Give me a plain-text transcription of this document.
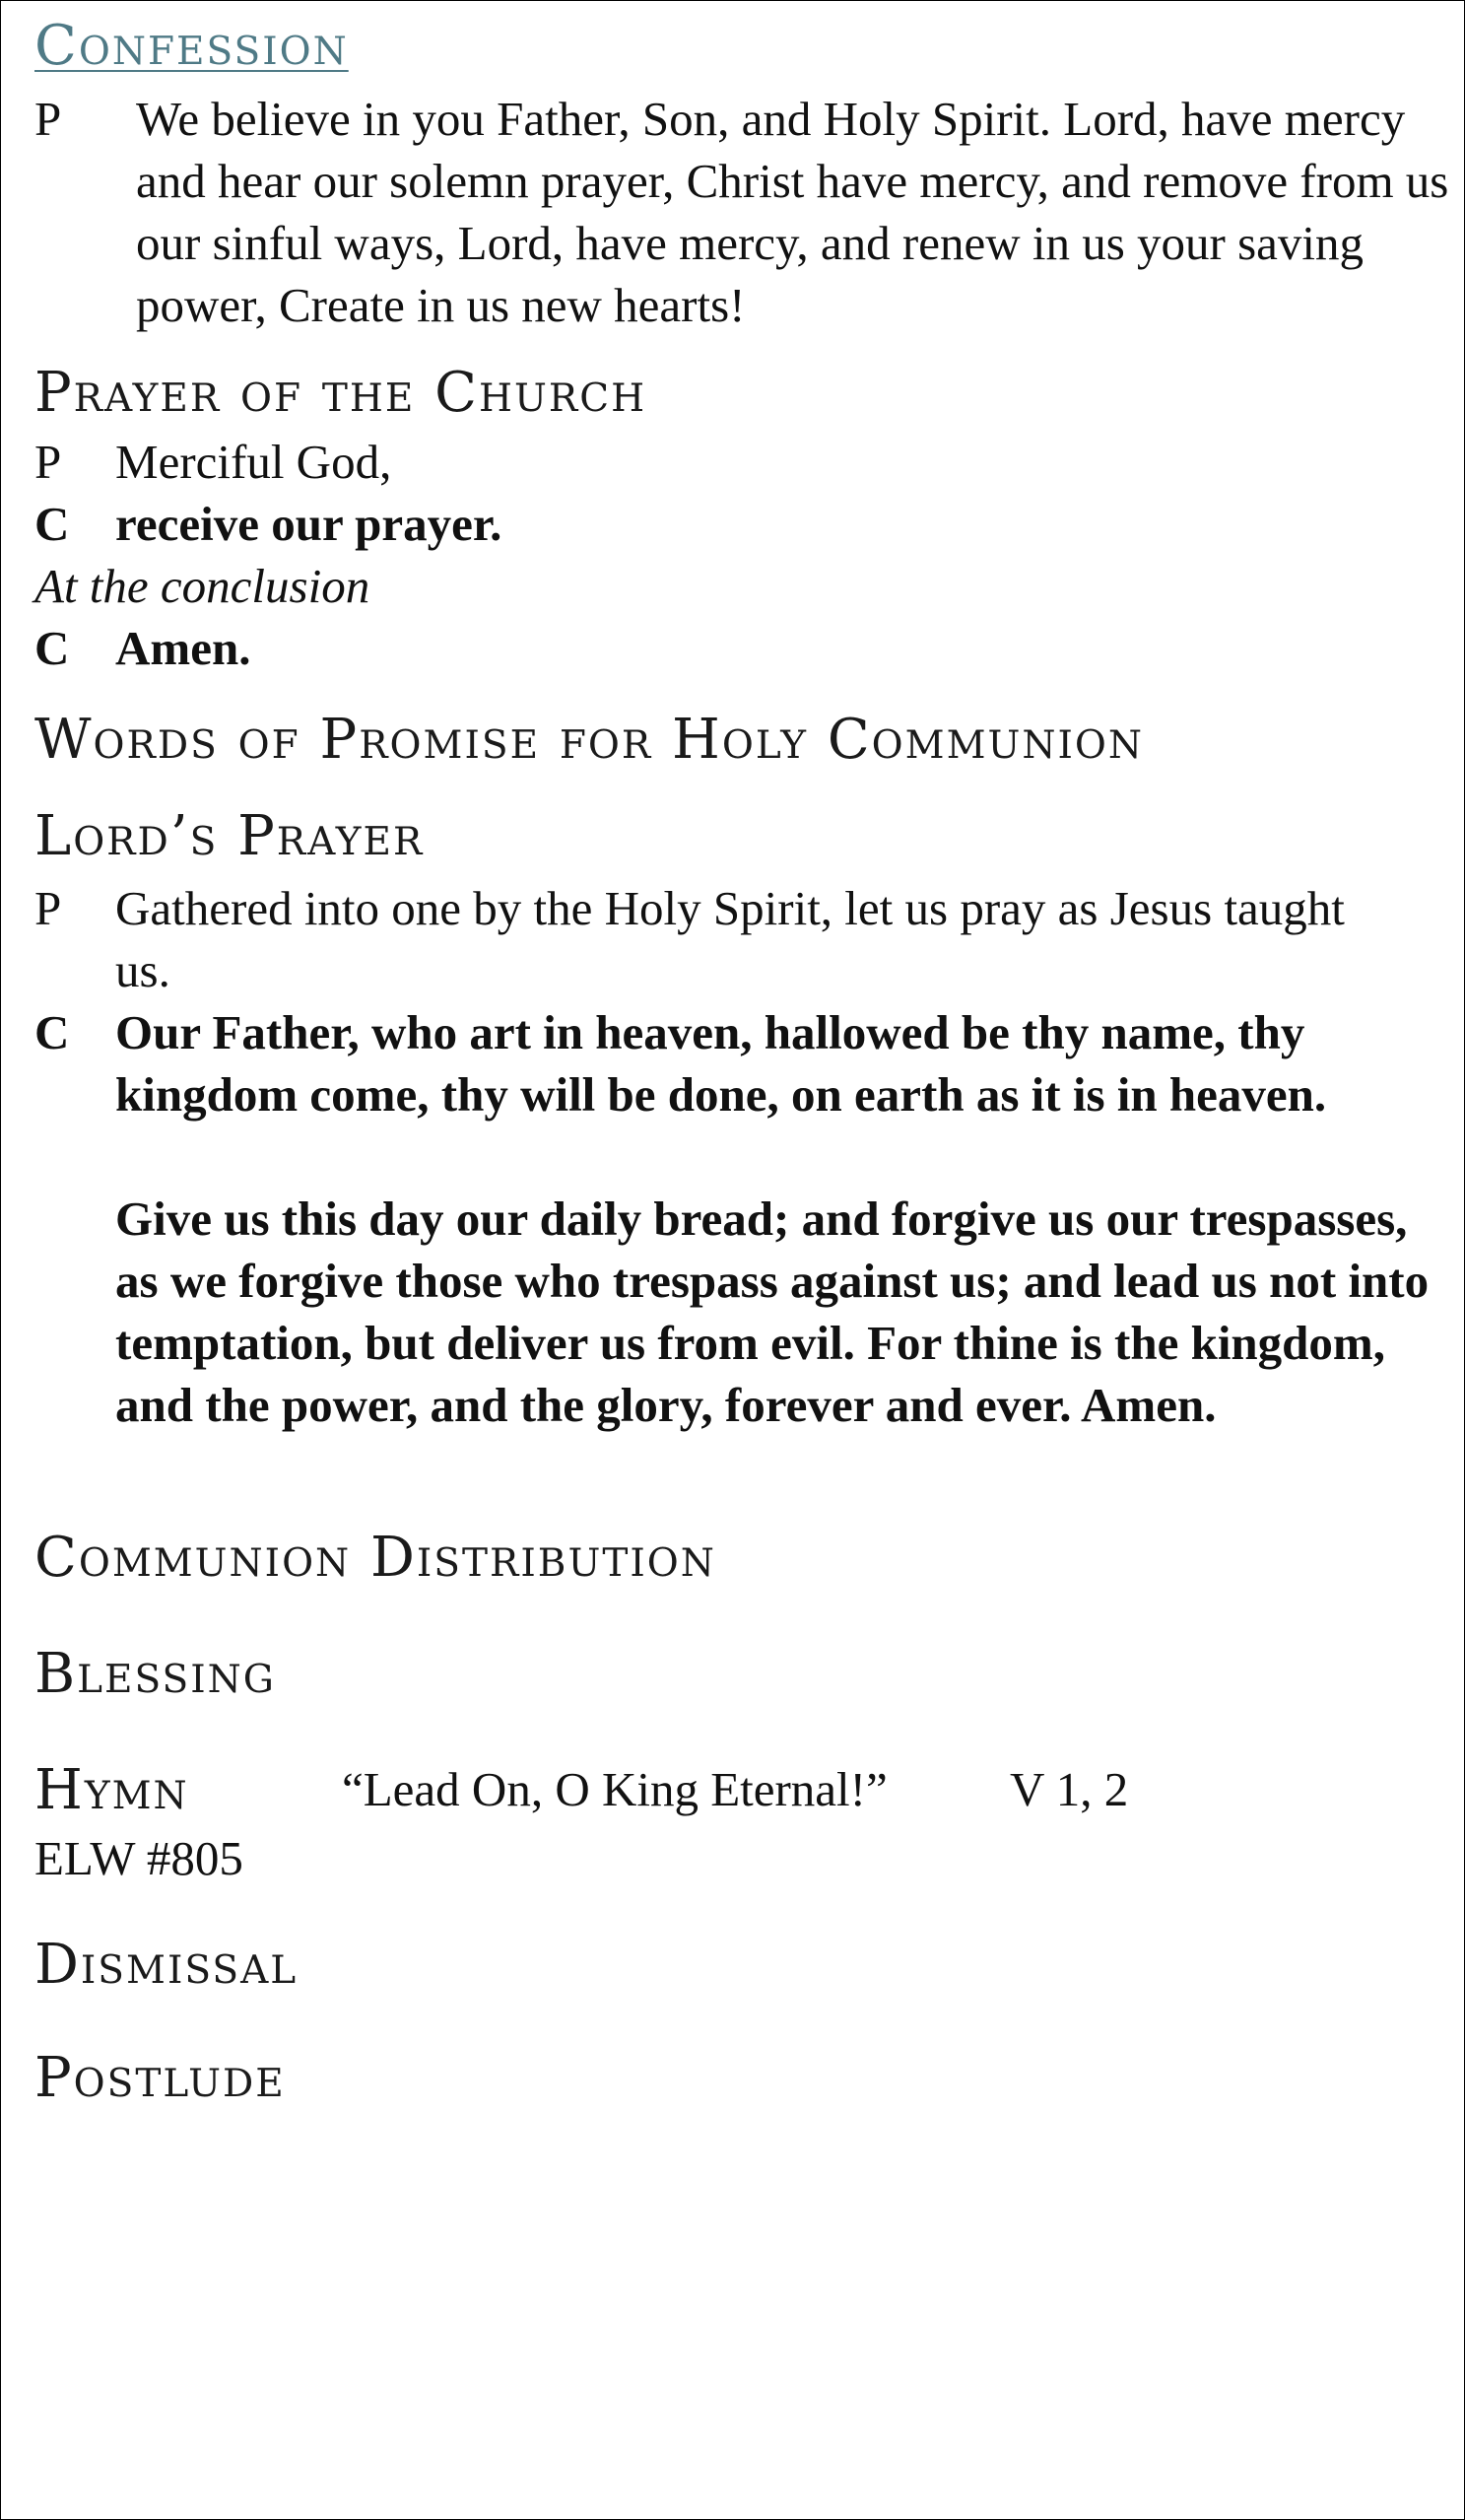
Confession
P	We believe in you Father, Son, and Holy Spirit. Lord, have mercy and hear our solemn prayer, Christ have mercy, and remove from us our sinful ways, Lord, have mercy, and renew in us your saving power, Create in us new hearts!
Prayer of the Church
P	Merciful God,
C receive our prayer.
At the conclusion
C Amen.
Words of Promise for Holy Communion
Lord’s Prayer
P	Gathered into one by the Holy Spirit, let us pray as Jesus taught us.
C Our Father, who art in heaven, hallowed be thy name, thy kingdom come, thy will be done, on earth as it is in heaven.
Give us this day our daily bread; and forgive us our trespasses, as we forgive those who trespass against us; and lead us not into temptation, but deliver us from evil. For thine is the kingdom, and the power, and the glory, forever and ever. Amen.
Communion Distribution
Blessing
Hymn	“Lead On, O King Eternal!”	V 1, 2
ELW #805
Dismissal
Postlude
